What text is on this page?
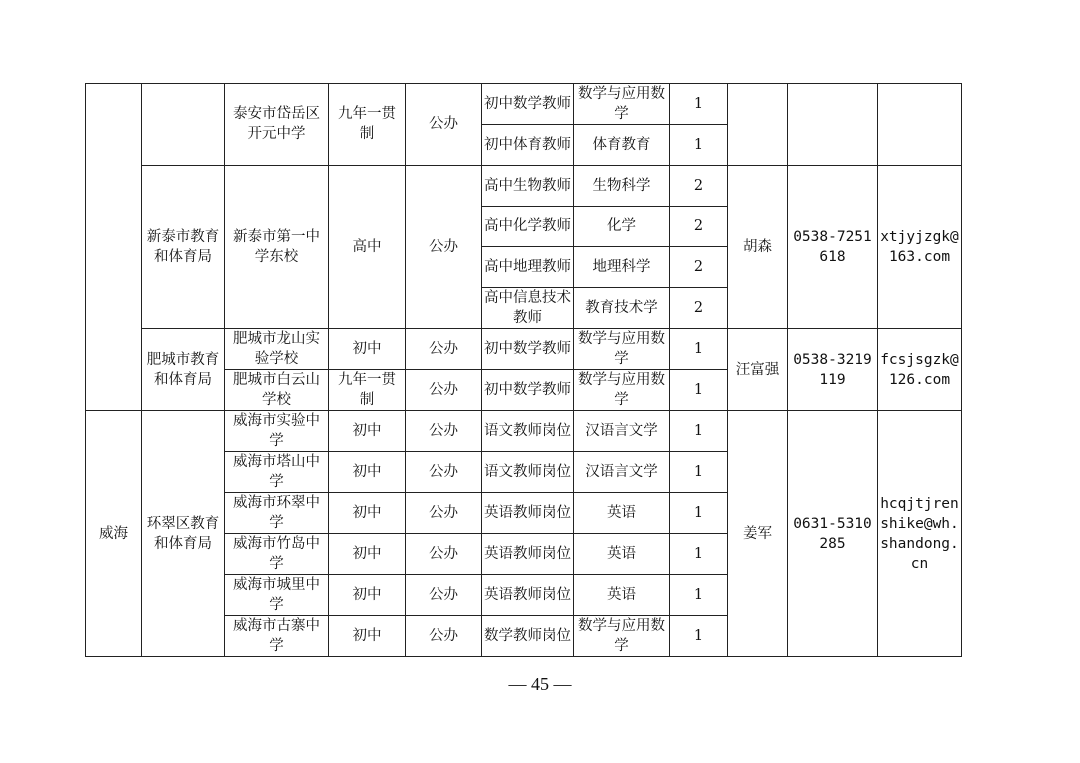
		泰安市岱岳区开元中学	九年一贯制	公办	初中数学教师	数学与应用数学	1			
					初中体育教师	体育教育	1			
	新泰市教育和体育局	新泰市第一中学东校	高中	公办	高中生物教师	生物科学	2	胡森	0538-7251618	xtjyjzgk@163.com
					高中化学教师	化学	2			
					高中地理教师	地理科学	2			
					高中信息技术教师	教育技术学	2			
	肥城市教育和体育局	肥城市龙山实验学校	初中	公办	初中数学教师	数学与应用数学	1	汪富强	0538-3219119	fcsjsgzk@126.com
		肥城市白云山学校	九年一贯制	公办	初中数学教师	数学与应用数学	1			
威海	环翠区教育和体育局	威海市实验中学	初中	公办	语文教师岗位	汉语言文学	1	姜军	0631-5310285	hcqjtjrenshike@wh.shandong.cn
		威海市塔山中学	初中	公办	语文教师岗位	汉语言文学	1			
		威海市环翠中学	初中	公办	英语教师岗位	英语	1			
		威海市竹岛中学	初中	公办	英语教师岗位	英语	1			
		威海市城里中学	初中	公办	英语教师岗位	英语	1			
		威海市古寨中学	初中	公办	数学教师岗位	数学与应用数学	1			
— 45 —
